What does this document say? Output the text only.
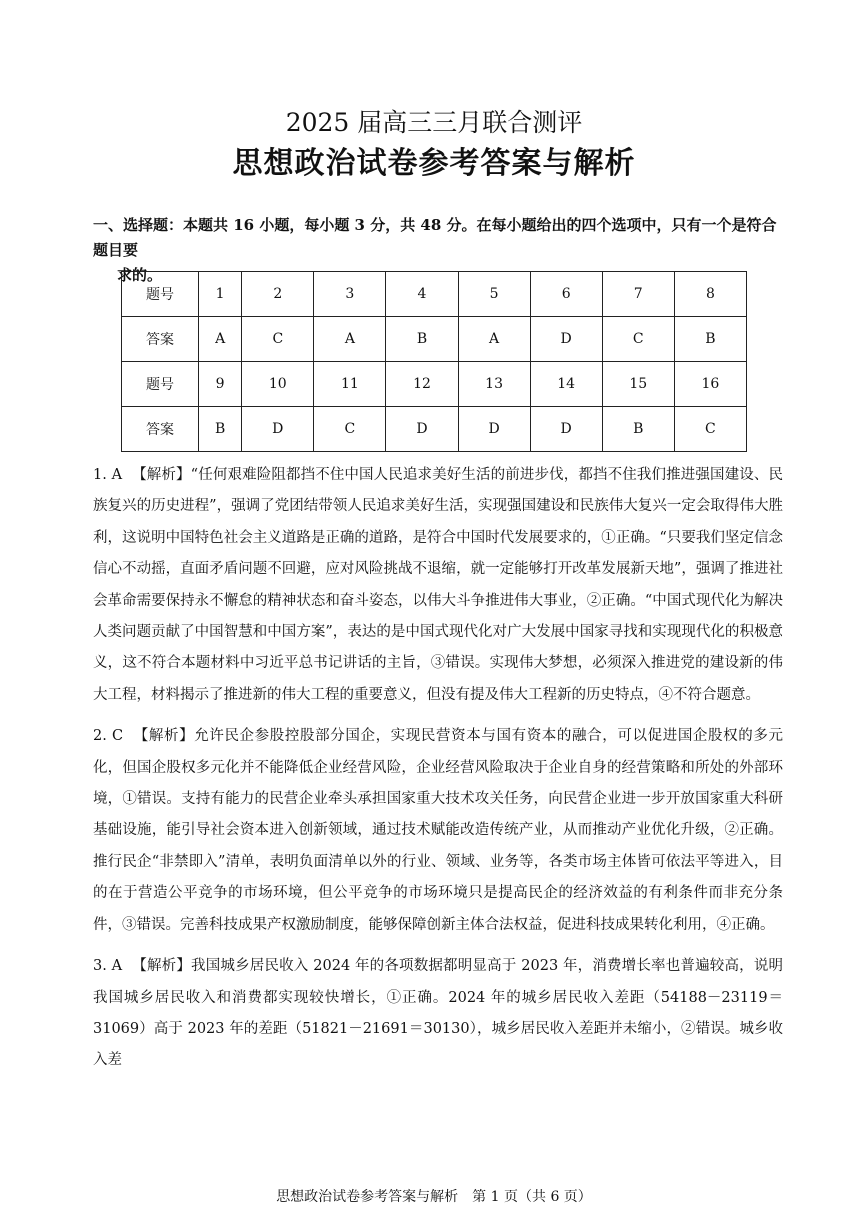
2025 届高三三月联合测评
思想政治试卷参考答案与解析
一、选择题：本题共 16 小题，每小题 3 分，共 48 分。在每小题给出的四个选项中，只有一个是符合题目要
求的。
题号	1	2	3	4	5	6	7	8
答案	A	C	A	B	A	D	C	B
题号	9	10	11	12	13	14	15	16
答案	B	D	C	D	D	D	B	C
1. A 【解析】“任何艰难险阻都挡不住中国人民追求美好生活的前进步伐，都挡不住我们推进强国建设、民族复兴的历史进程”，强调了党团结带领人民追求美好生活，实现强国建设和民族伟大复兴一定会取得伟大胜利，这说明中国特色社会主义道路是正确的道路，是符合中国时代发展要求的，①正确。“只要我们坚定信念信心不动摇，直面矛盾问题不回避，应对风险挑战不退缩，就一定能够打开改革发展新天地”，强调了推进社会革命需要保持永不懈怠的精神状态和奋斗姿态，以伟大斗争推进伟大事业，②正确。“中国式现代化为解决人类问题贡献了中国智慧和中国方案”，表达的是中国式现代化对广大发展中国家寻找和实现现代化的积极意义，这不符合本题材料中习近平总书记讲话的主旨，③错误。实现伟大梦想，必须深入推进党的建设新的伟大工程，材料揭示了推进新的伟大工程的重要意义，但没有提及伟大工程新的历史特点，④不符合题意。
2. C 【解析】允许民企参股控股部分国企，实现民营资本与国有资本的融合，可以促进国企股权的多元化，但国企股权多元化并不能降低企业经营风险，企业经营风险取决于企业自身的经营策略和所处的外部环境，①错误。支持有能力的民营企业牵头承担国家重大技术攻关任务，向民营企业进一步开放国家重大科研基础设施，能引导社会资本进入创新领域，通过技术赋能改造传统产业，从而推动产业优化升级，②正确。推行民企“非禁即入”清单，表明负面清单以外的行业、领域、业务等，各类市场主体皆可依法平等进入，目的在于营造公平竞争的市场环境，但公平竞争的市场环境只是提高民企的经济效益的有利条件而非充分条件，③错误。完善科技成果产权激励制度，能够保障创新主体合法权益，促进科技成果转化利用，④正确。
3. A 【解析】我国城乡居民收入 2024 年的各项数据都明显高于 2023 年，消费增长率也普遍较高，说明我国城乡居民收入和消费都实现较快增长，①正确。2024 年的城乡居民收入差距（54188－23119＝31069）高于 2023 年的差距（51821－21691＝30130），城乡居民收入差距并未缩小，②错误。城乡收入差
思想政治试卷参考答案与解析　第 1 页（共 6 页）
